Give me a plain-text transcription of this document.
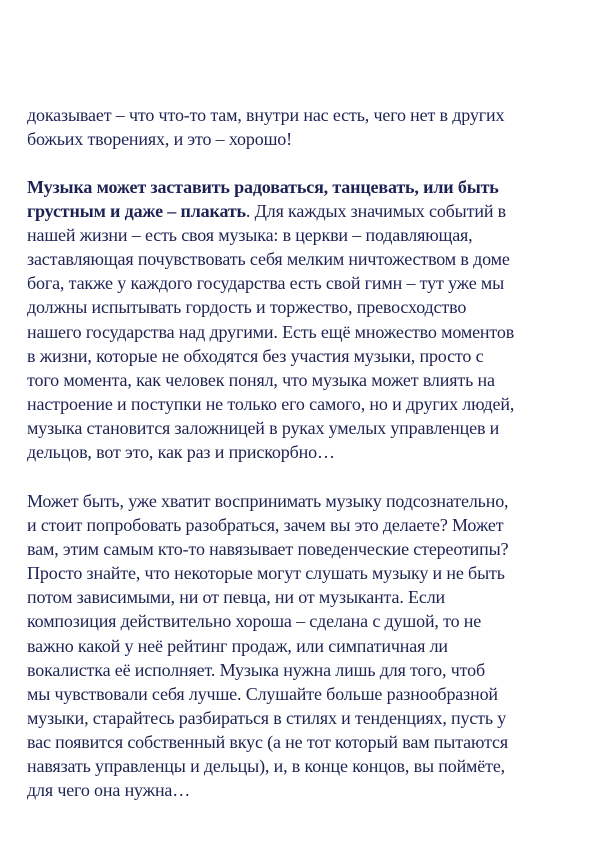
доказывает – что что-то там, внутри нас есть, чего нет в других
божьих творениях, и это – хорошо!
Музыка может заставить радоваться, танцевать, или быть
грустным и даже – плакать. Для каждых значимых событий в
нашей жизни – есть своя музыка: в церкви – подавляющая,
заставляющая почувствовать себя мелким ничтожеством в доме
бога, также у каждого государства есть свой гимн – тут уже мы
должны испытывать гордость и торжество, превосходство
нашего государства над другими. Есть ещё множество моментов
в жизни, которые не обходятся без участия музыки, просто с
того момента, как человек понял, что музыка может влиять на
настроение и поступки не только его самого, но и других людей,
музыка становится заложницей в руках умелых управленцев и
дельцов, вот это, как раз и прискорбно…
Может быть, уже хватит воспринимать музыку подсознательно,
и стоит попробовать разобраться, зачем вы это делаете? Может
вам, этим самым кто-то навязывает поведенческие стереотипы?
Просто знайте, что некоторые могут слушать музыку и не быть
потом зависимыми, ни от певца, ни от музыканта. Если
композиция действительно хороша – сделана с душой, то не
важно какой у неё рейтинг продаж, или симпатичная ли
вокалистка её исполняет. Музыка нужна лишь для того, чтоб
мы чувствовали себя лучше. Слушайте больше разнообразной
музыки, старайтесь разбираться в стилях и тенденциях, пусть у
вас появится собственный вкус (а не тот который вам пытаются
навязать управленцы и дельцы), и, в конце концов, вы поймёте,
для чего она нужна…
